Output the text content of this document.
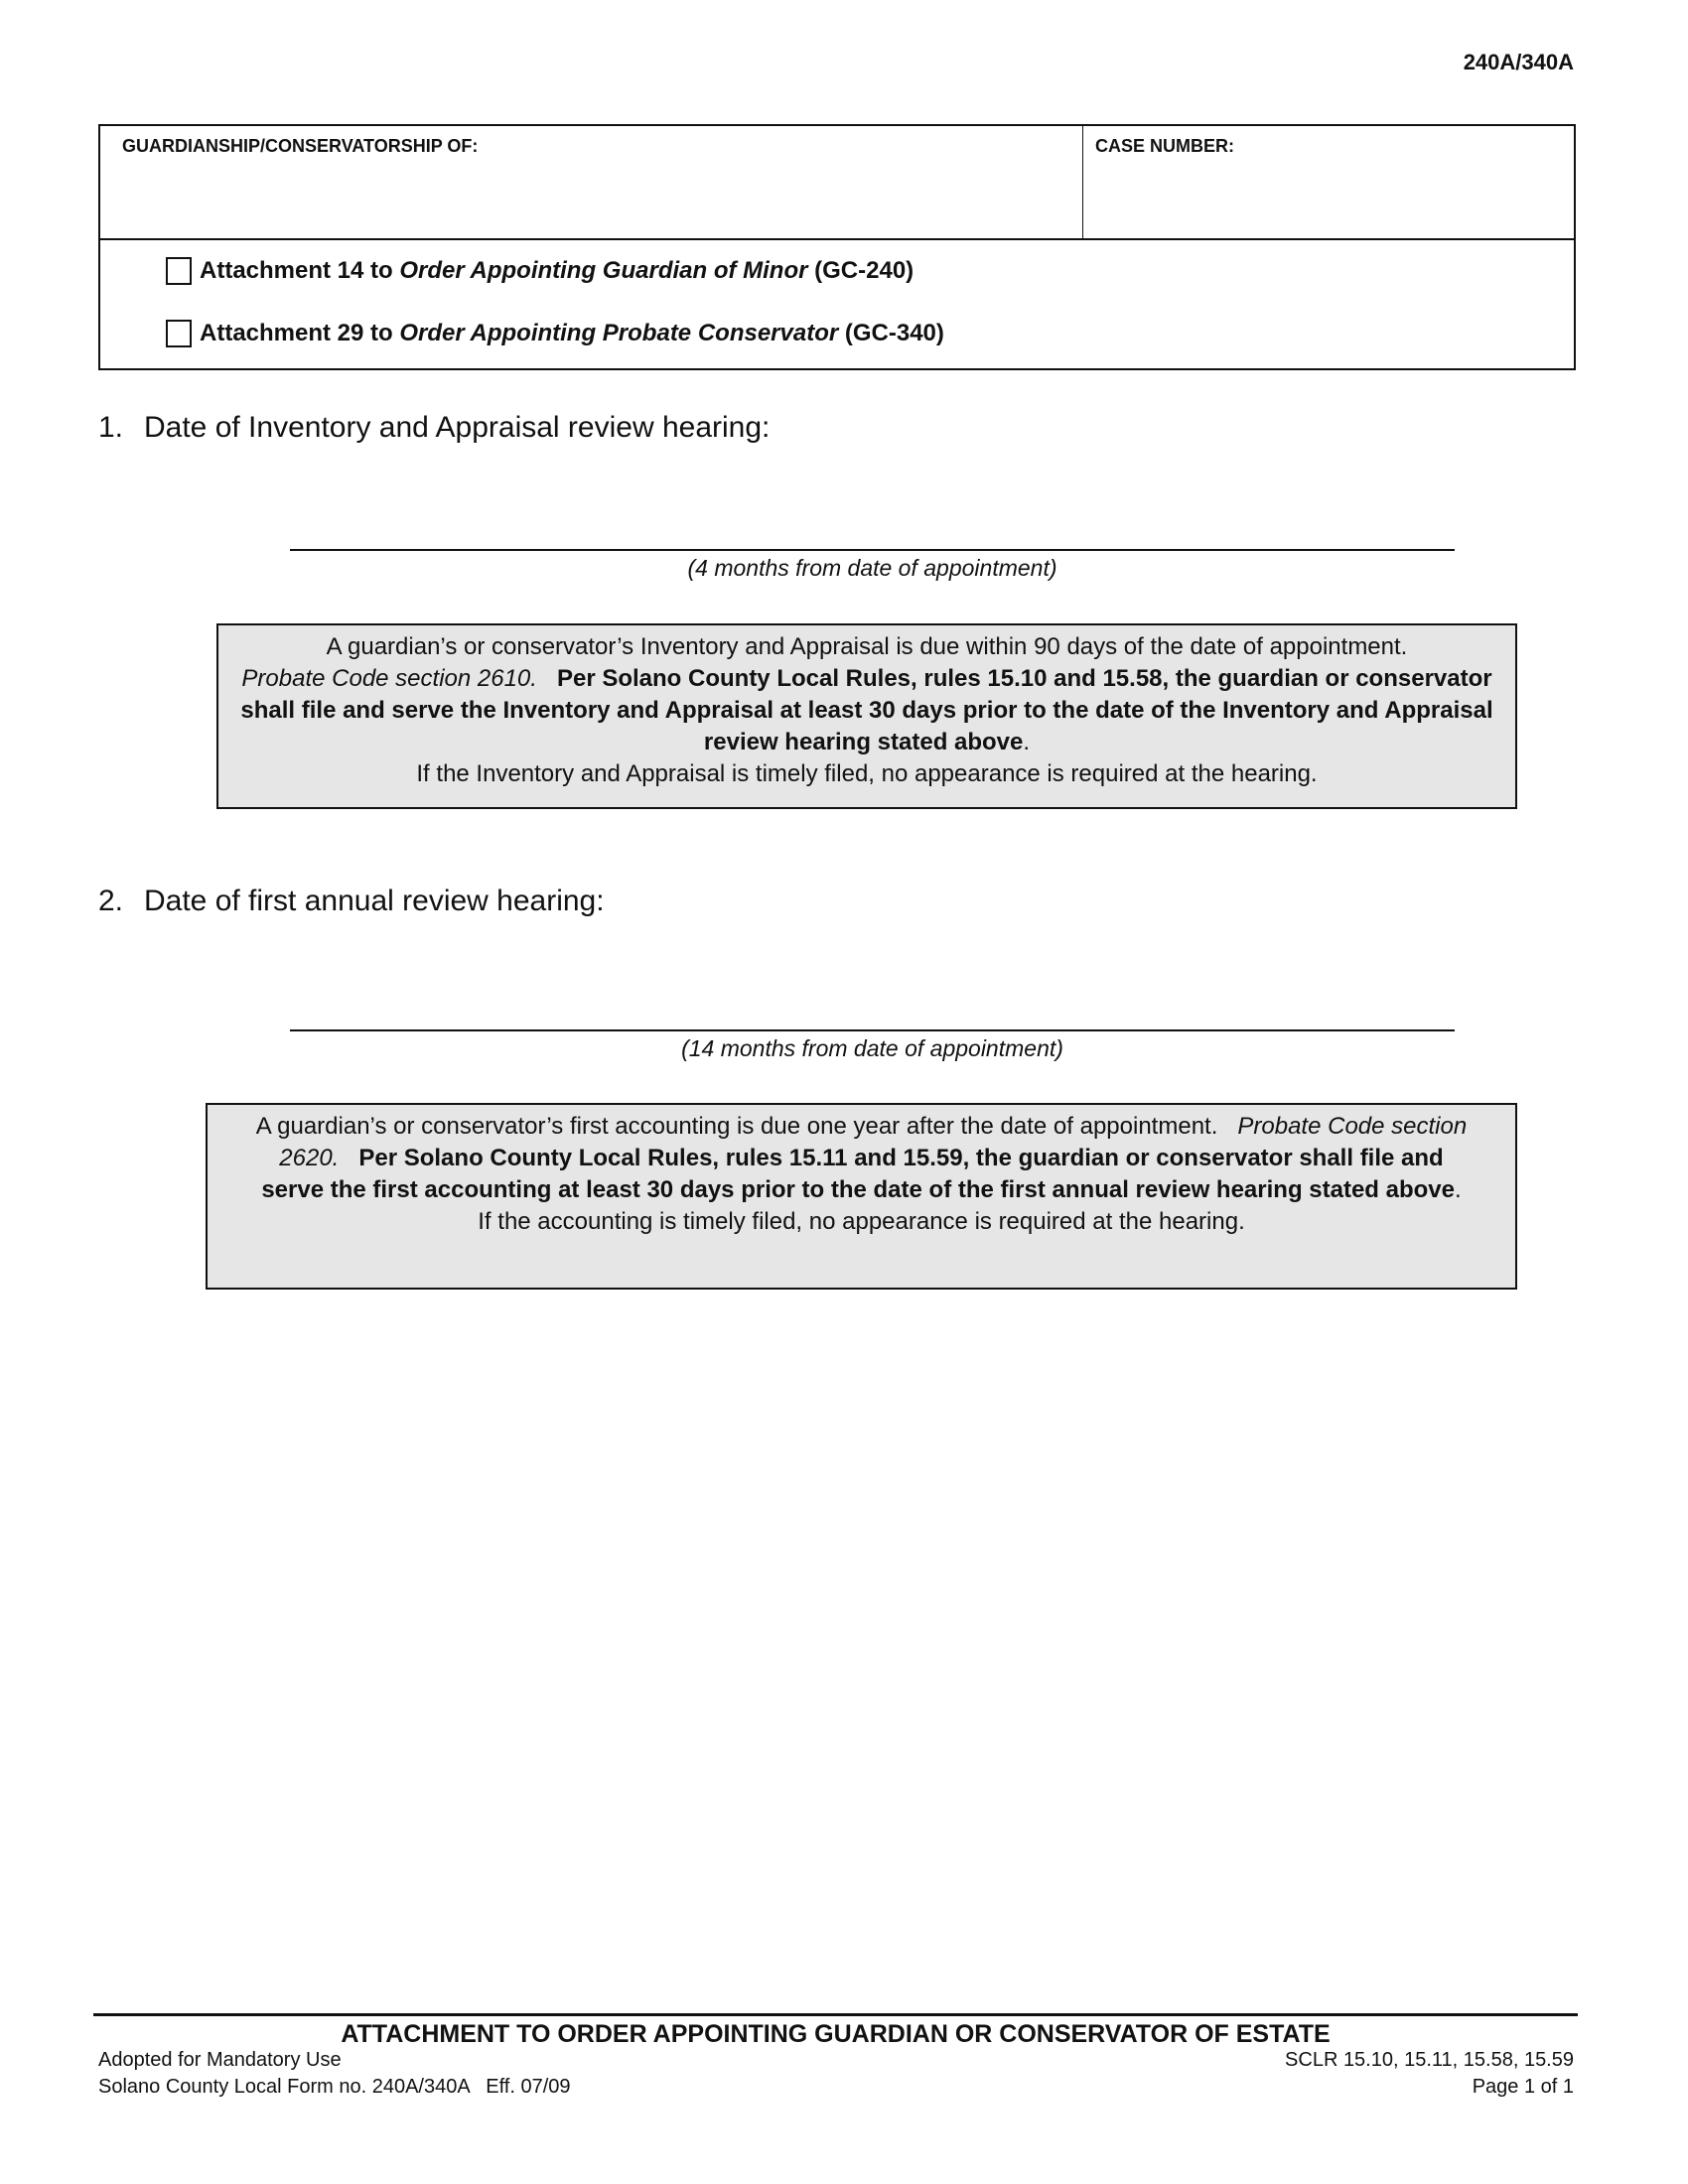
240A/340A
GUARDIANSHIP/CONSERVATORSHIP OF:	CASE NUMBER:
Attachment 14 to Order Appointing Guardian of Minor (GC-240)
Attachment 29 to Order Appointing Probate Conservator (GC-340)
1. Date of Inventory and Appraisal review hearing:
(4 months from date of appointment)
A guardian’s or conservator’s Inventory and Appraisal is due within 90 days of the date of appointment.
Probate Code section 2610. Per Solano County Local Rules, rules 15.10 and 15.58, the guardian or conservator shall file and serve the Inventory and Appraisal at least 30 days prior to the date of the Inventory and Appraisal review hearing stated above.
If the Inventory and Appraisal is timely filed, no appearance is required at the hearing.
2. Date of first annual review hearing:
(14 months from date of appointment)
A guardian’s or conservator’s first accounting is due one year after the date of appointment. Probate Code section 2620. Per Solano County Local Rules, rules 15.11 and 15.59, the guardian or conservator shall file and serve the first accounting at least 30 days prior to the date of the first annual review hearing stated above.
If the accounting is timely filed, no appearance is required at the hearing.
ATTACHMENT TO ORDER APPOINTING GUARDIAN OR CONSERVATOR OF ESTATE
Adopted for Mandatory Use
Solano County Local Form no. 240A/340A   Eff. 07/09
SCLR 15.10, 15.11, 15.58, 15.59
Page 1 of 1
